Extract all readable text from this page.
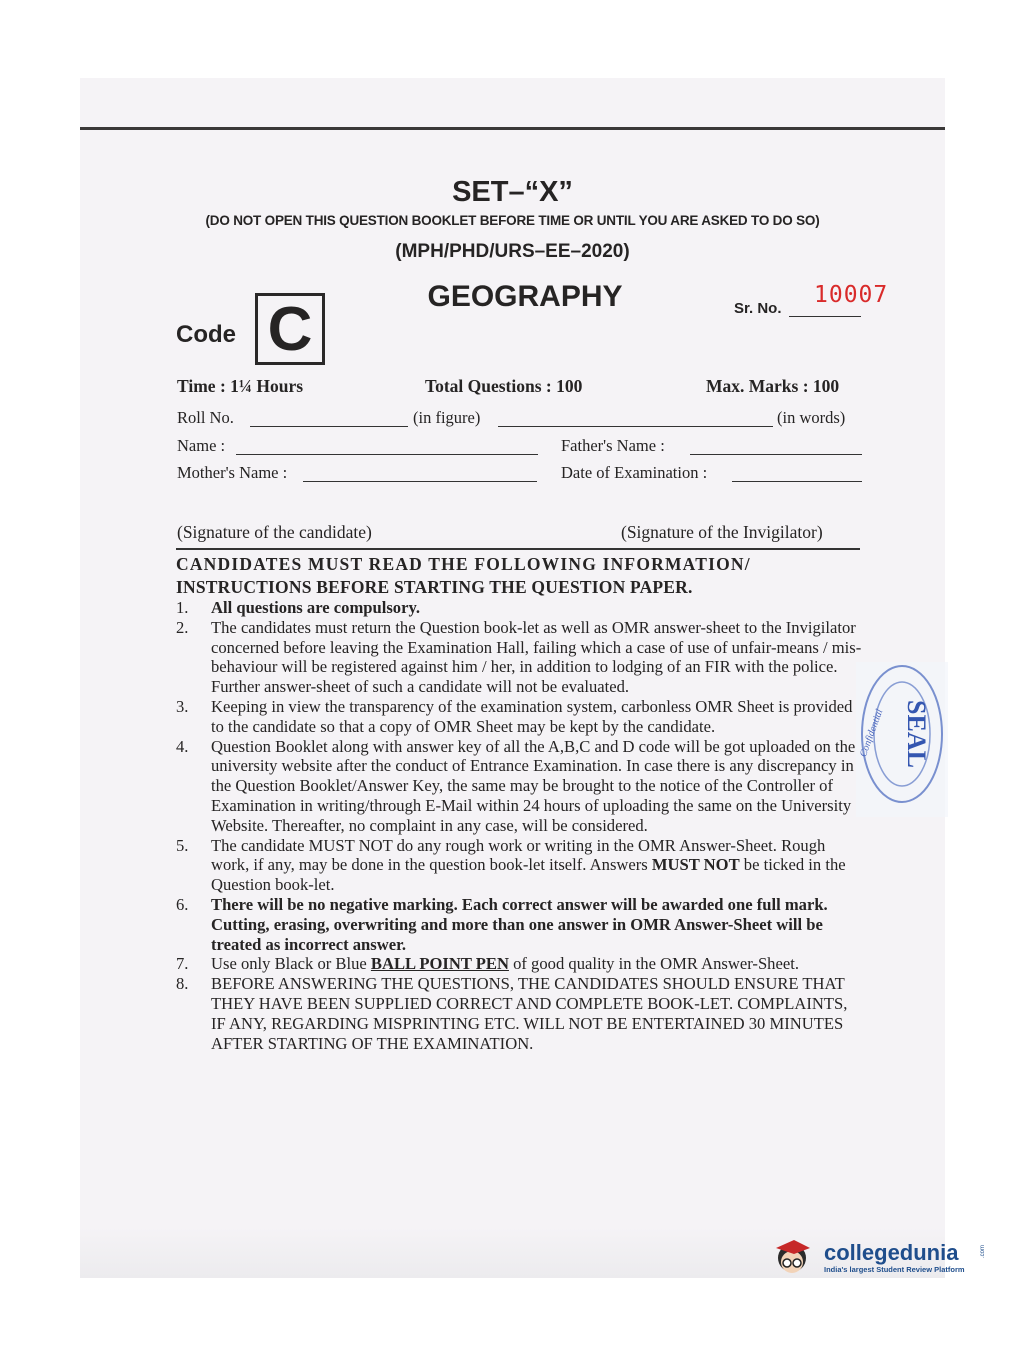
SET–“X”
(DO NOT OPEN THIS QUESTION BOOKLET BEFORE TIME OR UNTIL YOU ARE ASKED TO DO SO)
(MPH/PHD/URS–EE–2020)
GEOGRAPHY
Code C	Sr. No.
10007
Time : 1¼ Hours	Total Questions : 100	Max. Marks : 100
Roll No.	(in figure)	(in words)
Name :	Father's Name :
Mother's Name :	Date of Examination :
(Signature of the candidate)	(Signature of the Invigilator)
CANDIDATES MUST READ THE FOLLOWING INFORMATION/
INSTRUCTIONS BEFORE STARTING THE QUESTION PAPER.
1.	All questions are compulsory.
2.	The candidates must return the Question book-let as well as OMR answer-sheet to the Invigilator concerned before leaving the Examination Hall, failing which a case of use of unfair-means / mis-behaviour will be registered against him / her, in addition to lodging of an FIR with the police. Further answer-sheet of such a candidate will not be evaluated.
3.	Keeping in view the transparency of the examination system, carbonless OMR Sheet is provided to the candidate so that a copy of OMR Sheet may be kept by the candidate.
4.	Question Booklet along with answer key of all the A,B,C and D code will be got uploaded on the university website after the conduct of Entrance Examination. In case there is any discrepancy in the Question Booklet/Answer Key, the same may be brought to the notice of the Controller of Examination in writing/through E-Mail within 24 hours of uploading the same on the University Website. Thereafter, no complaint in any case, will be considered.
5.	The candidate MUST NOT do any rough work or writing in the OMR Answer-Sheet. Rough work, if any, may be done in the question book-let itself. Answers MUST NOT be ticked in the Question book-let.
6.	There will be no negative marking. Each correct answer will be awarded one full mark. Cutting, erasing, overwriting and more than one answer in OMR Answer-Sheet will be treated as incorrect answer.
7.	Use only Black or Blue BALL POINT PEN of good quality in the OMR Answer-Sheet.
8.	BEFORE ANSWERING THE QUESTIONS, THE CANDIDATES SHOULD ENSURE THAT THEY HAVE BEEN SUPPLIED CORRECT AND COMPLETE BOOK-LET. COMPLAINTS, IF ANY, REGARDING MISPRINTING ETC. WILL NOT BE ENTERTAINED 30 MINUTES AFTER STARTING OF THE EXAMINATION.
SEAL
Confidential
collegedunia	.com
India's largest Student Review Platform
